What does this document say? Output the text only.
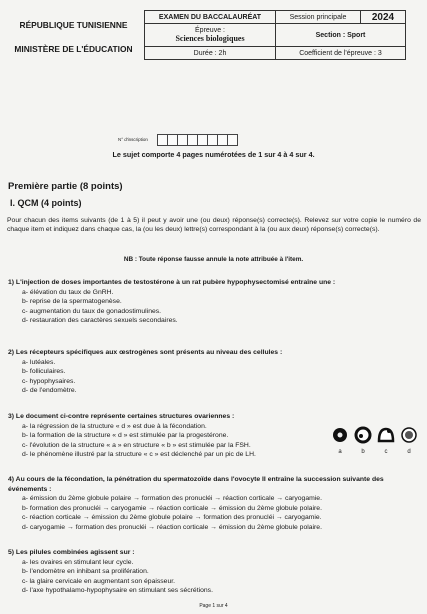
RÉPUBLIQUE TUNISIENNE
MINISTÈRE DE L'ÉDUCATION
EXAMEN DU BACCALAURÉAT	Session principale	2024

Épreuve :
Sciences biologiques	Section : Sport	
Durée : 2h	Coefficient de l'épreuve : 3	
N° d'inscription
Le sujet comporte 4 pages numérotées de 1 sur 4 à 4 sur 4.
Première partie (8 points)
I. QCM (4 points)
Pour chacun des items suivants (de 1 à 5) il peut y avoir une (ou deux) réponse(s) correcte(s). Relevez sur votre copie le numéro de chaque item et indiquez dans chaque cas, la (ou les deux) lettre(s) correspondant à la (ou aux deux) réponse(s) correcte(s).
NB : Toute réponse fausse annule la note attribuée à l'item.
1) L'injection de doses importantes de testostérone à un rat pubère hypophysectomisé entraîne une :
a- élévation du taux de GnRH.
b- reprise de la spermatogenèse.
c- augmentation du taux de gonadostimulines.
d- restauration des caractères sexuels secondaires.
2) Les récepteurs spécifiques aux œstrogènes sont présents au niveau des cellules :
a- lutéales.
b- folliculaires.
c- hypophysaires.
d- de l'endomètre.
3) Le document ci-contre représente certaines structures ovariennes :
a- la régression de la structure « d » est due à la fécondation.
b- la formation de la structure « d » est stimulée par la progestérone.
c- l'évolution de la structure « a » en structure « b » est stimulée par la FSH.
d- le phénomène illustré par la structure « c » est déclenché par un pic de LH.	a	b	c	d
4) Au cours de la fécondation, la pénétration du spermatozoïde dans l'ovocyte II entraîne la succession suivante des événements :
a- émission du 2ème globule polaire → formation des pronucléi → réaction corticale → caryogamie.
b- formation des pronucléi → caryogamie → réaction corticale → émission du 2ème globule polaire.
c- réaction corticale → émission du 2ème globule polaire → formation des pronucléi → caryogamie.
d- caryogamie → formation des pronucléi → réaction corticale → émission du 2ème globule polaire.
5) Les pilules combinées agissent sur :
a- les ovaires en stimulant leur cycle.
b- l'endomètre en inhibant sa prolifération.
c- la glaire cervicale en augmentant son épaisseur.
d- l'axe hypothalamo-hypophysaire en stimulant ses sécrétions.
Page 1 sur 4
